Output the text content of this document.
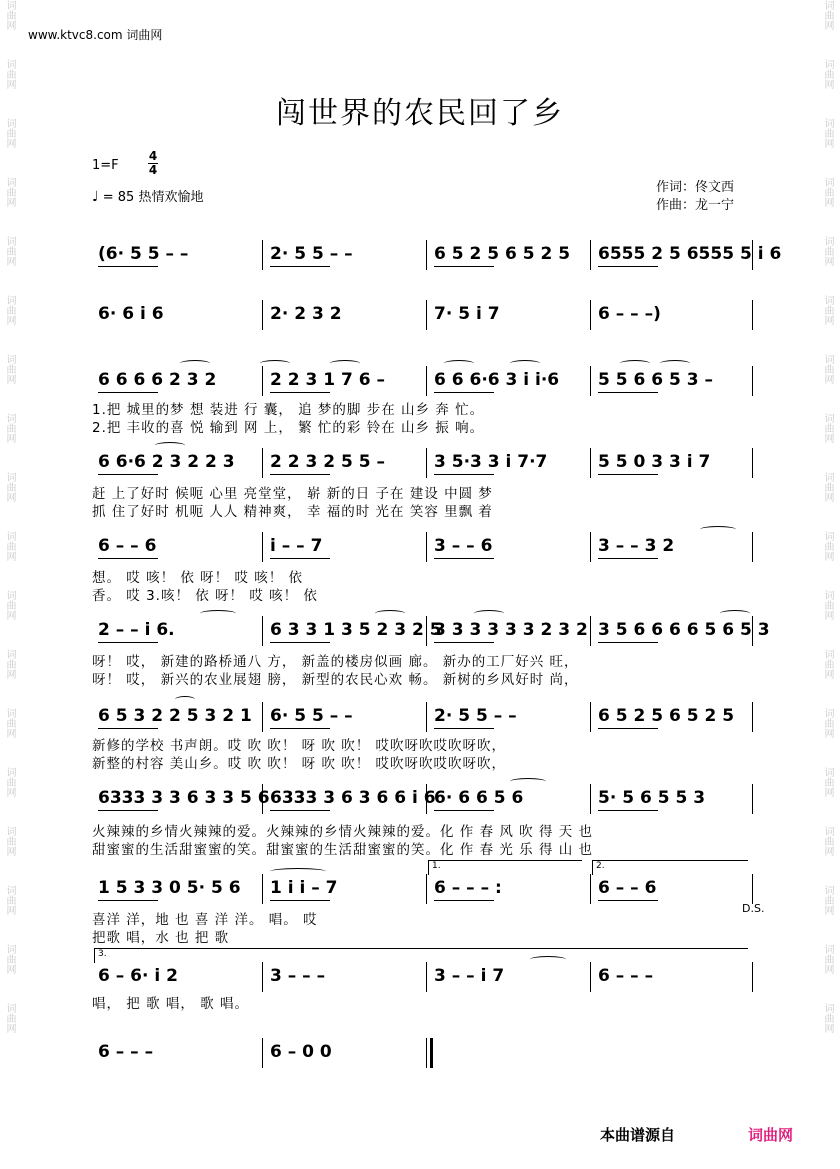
词曲网
词曲网
词曲网
词曲网
词曲网
词曲网
词曲网
词曲网
词曲网
词曲网
词曲网
词曲网
词曲网
词曲网
词曲网
词曲网
词曲网
词曲网
词曲网
词曲网
词曲网
词曲网
词曲网
词曲网
词曲网
词曲网
词曲网
词曲网
词曲网
词曲网
词曲网
词曲网
词曲网
词曲网
词曲网
词曲网
www.ktvc8.com 词曲网
闯世界的农民回了乡
1=F
4
4
♩ = 85 热情欢愉地
作词：佟文西
作曲：龙一宁
(6· 5 5 – –	2· 5 5 – –	6 5 2 5 6 5 2 5	6555 2 5 6555 5 i 6
6· 6 i 6	2· 2 3 2	7· 5 i 7	6 – – –)
6 6 6 6 2 3 2	2 2 3 1 7 6 –	6 6 6·6 3 i i·6	5 5 6 6 5 3 –
1.把 城里的梦 想 装进 行 囊， 追 梦的脚 步在 山乡 奔 忙。
2.把 丰收的喜 悦 输到 网 上， 繁 忙的彩 铃在 山乡 振 响。
6 6·6 2 3 2 2 3	2 2 3 2 5 5 –	3 5·3 3 i 7·7	5 5 0 3 3 i 7
赶 上了好时 候呃 心里 亮堂堂， 崭 新的日 子在 建设 中圆 梦
抓 住了好时 机呃 人人 精神爽， 幸 福的时 光在 笑容 里飘 着
6 – – 6	i – – 7	3 – – 6	3 – – 3 2
想。 哎 咳！ 依 呀！ 哎 咳！ 依
香。 哎 3.咳！ 依 呀！ 哎 咳！ 依
2 – – i 6.	6 3 3 1 3 5 2 3 2 5
3 3 3 3 3 3 2 3 2 3 5 6 6 6 6 5 6 5 3
呀！ 哎， 新建的路桥通八 方， 新盖的楼房似画 廊。 新办的工厂好兴 旺，
呀！ 哎， 新兴的农业展翅 膀， 新型的农民心欢 畅。 新树的乡风好时 尚，
6 5 3 2 2 5 3 2 1	6· 5 5 – –	2· 5 5 – –	6 5 2 5 6 5 2 5
新修的学校 书声朗。哎 吹 吹！ 呀 吹 吹！ 哎吹呀吹哎吹呀吹，
新整的村容 美山乡。哎 吹 吹！ 呀 吹 吹！ 哎吹呀吹哎吹呀吹，
6333 3 3 6 3 3 5 6 6333 3 6 3 6 6 i 6
6· 6 6 5 6	5· 5 6 5 5 3
火辣辣的乡情火辣辣的爱。火辣辣的乡情火辣辣的爱。化 作 春 风 吹 得 天 也
甜蜜蜜的生活甜蜜蜜的笑。甜蜜蜜的生活甜蜜蜜的笑。化 作 春 光 乐 得 山 也
1 5 3 3 0 5· 5 6	1 i i – 7	6 – – – :	6 – – 6
喜洋 洋，地 也 喜 洋 洋。 唱。 哎
把歌 唱，水 也 把 歌
6 – 6· i 2	3 – – –	3 – – i 7	6 – – –
唱， 把 歌 唱， 歌 唱。
6 – – –	6 – 0 0
1.	2.
3.
D.S.
本曲谱源自	词曲网
